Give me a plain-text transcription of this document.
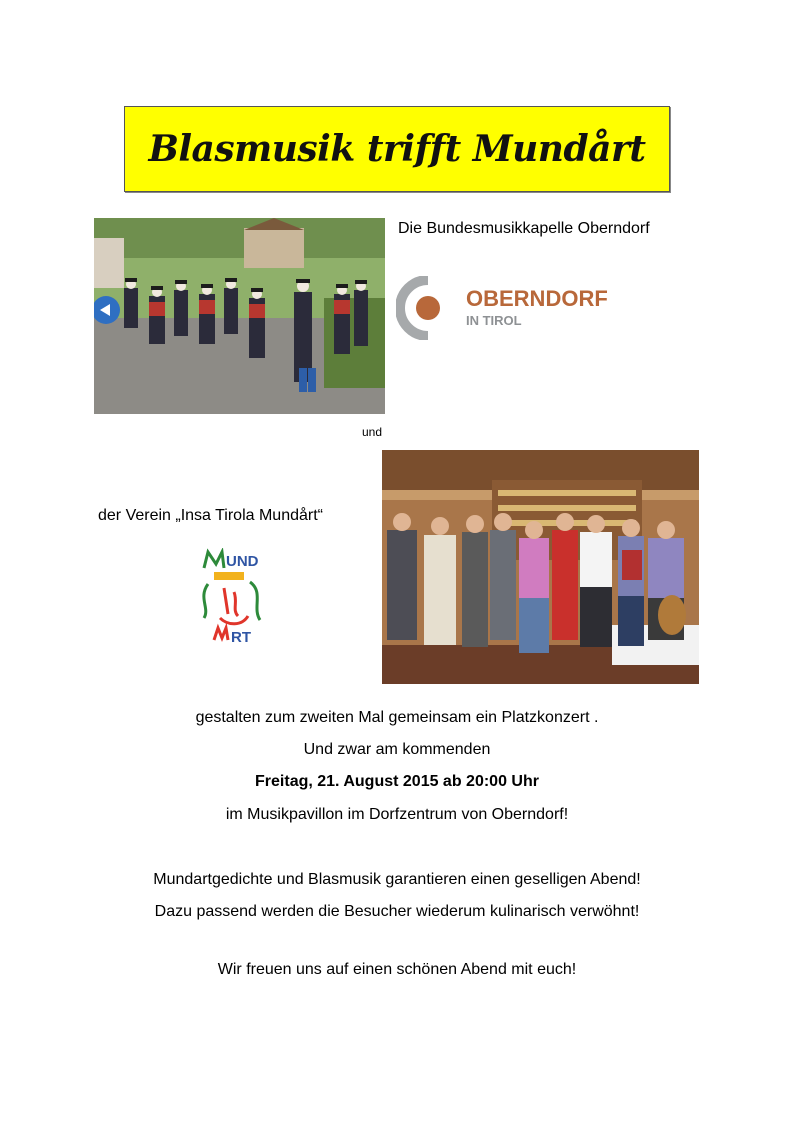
Blasmusik trifft Mundårt
Die Bundesmusikkapelle Oberndorf
OBERNDORF
IN TIROL
und
der Verein „Insa Tirola Mundårt“
UND
RT
gestalten zum zweiten Mal gemeinsam ein Platzkonzert .
Und zwar am kommenden
Freitag, 21. August 2015 ab 20:00 Uhr
im Musikpavillon im Dorfzentrum von Oberndorf!
Mundartgedichte und Blasmusik garantieren einen geselligen Abend!
Dazu passend werden die Besucher wiederum kulinarisch verwöhnt!
Wir freuen uns auf einen schönen Abend mit euch!
